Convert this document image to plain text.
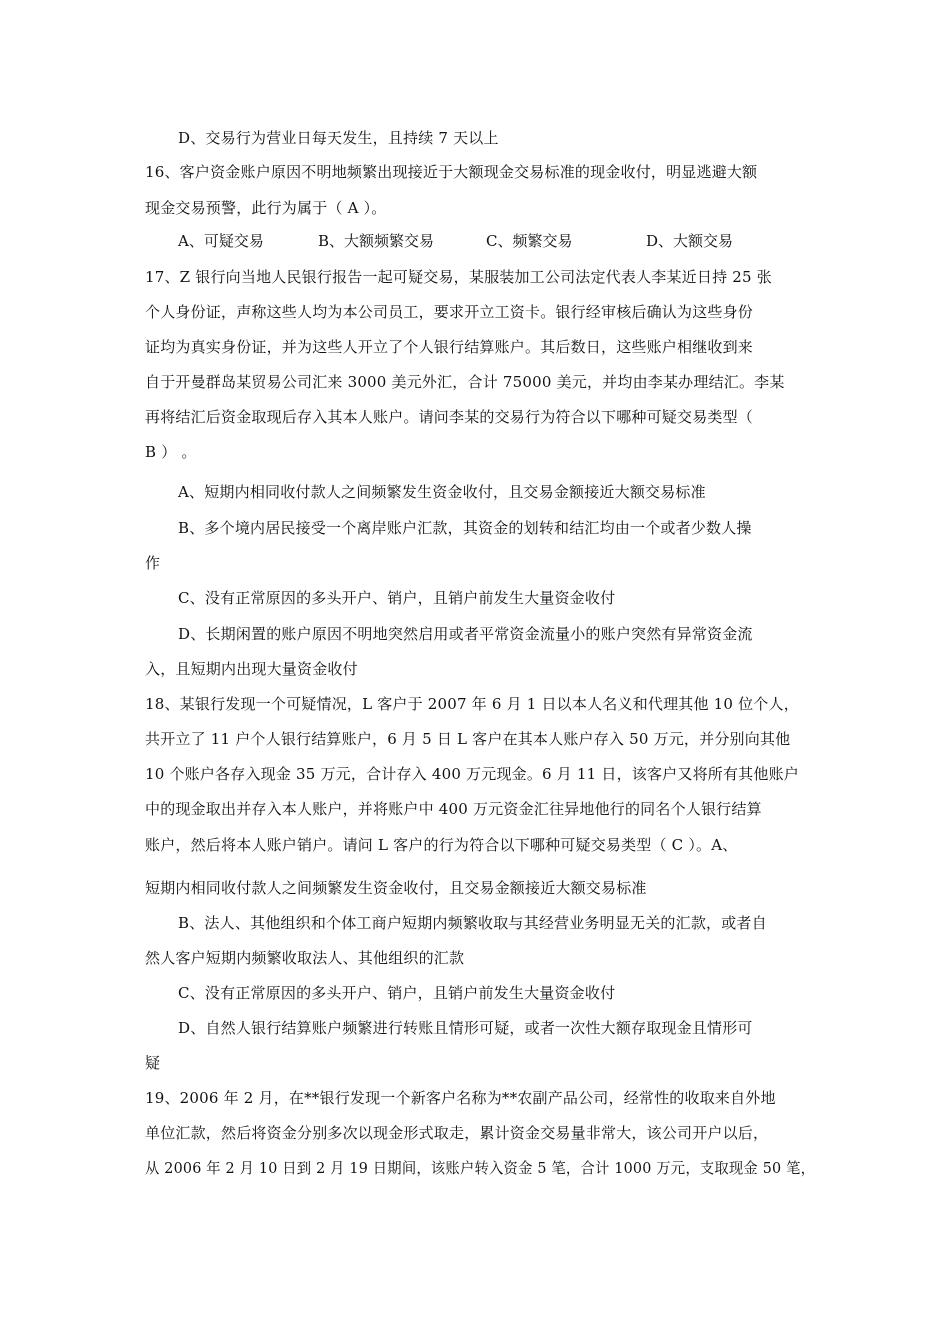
D、交易行为营业日每天发生，且持续 7 天以上
16、客户资金账户原因不明地频繁出现接近于大额现金交易标准的现金收付，明显逃避大额
现金交易预警，此行为属于（ A ）。
A、可疑交易	B、大额频繁交易	C、频繁交易	D、大额交易
17、Z 银行向当地人民银行报告一起可疑交易，某服装加工公司法定代表人李某近日持 25 张
个人身份证，声称这些人均为本公司员工，要求开立工资卡。银行经审核后确认为这些身份
证均为真实身份证，并为这些人开立了个人银行结算账户。其后数日，这些账户相继收到来
自于开曼群岛某贸易公司汇来 3000 美元外汇，合计 75000 美元，并均由李某办理结汇。李某
再将结汇后资金取现后存入其本人账户。请问李某的交易行为符合以下哪种可疑交易类型（
B ） 。
A、短期内相同收付款人之间频繁发生资金收付，且交易金额接近大额交易标准
B、多个境内居民接受一个离岸账户汇款，其资金的划转和结汇均由一个或者少数人操
作
C、没有正常原因的多头开户、销户，且销户前发生大量资金收付
D、长期闲置的账户原因不明地突然启用或者平常资金流量小的账户突然有异常资金流
入，且短期内出现大量资金收付
18、某银行发现一个可疑情况，L 客户于 2007 年 6 月 1 日以本人名义和代理其他 10 位个人，
共开立了 11 户个人银行结算账户，6 月 5 日 L 客户在其本人账户存入 50 万元，并分别向其他
10 个账户各存入现金 35 万元，合计存入 400 万元现金。6 月 11 日，该客户又将所有其他账户
中的现金取出并存入本人账户，并将账户中 400 万元资金汇往异地他行的同名个人银行结算
账户，然后将本人账户销户。请问 L 客户的行为符合以下哪种可疑交易类型（ C ）。A、
短期内相同收付款人之间频繁发生资金收付，且交易金额接近大额交易标准
B、法人、其他组织和个体工商户短期内频繁收取与其经营业务明显无关的汇款，或者自
然人客户短期内频繁收取法人、其他组织的汇款
C、没有正常原因的多头开户、销户，且销户前发生大量资金收付
D、自然人银行结算账户频繁进行转账且情形可疑，或者一次性大额存取现金且情形可
疑
19、2006 年 2 月，在**银行发现一个新客户名称为**农副产品公司，经常性的收取来自外地
单位汇款，然后将资金分别多次以现金形式取走，累计资金交易量非常大，该公司开户以后，
从 2006 年 2 月 10 日到 2 月 19 日期间，该账户转入资金 5 笔，合计 1000 万元，支取现金 50 笔，
